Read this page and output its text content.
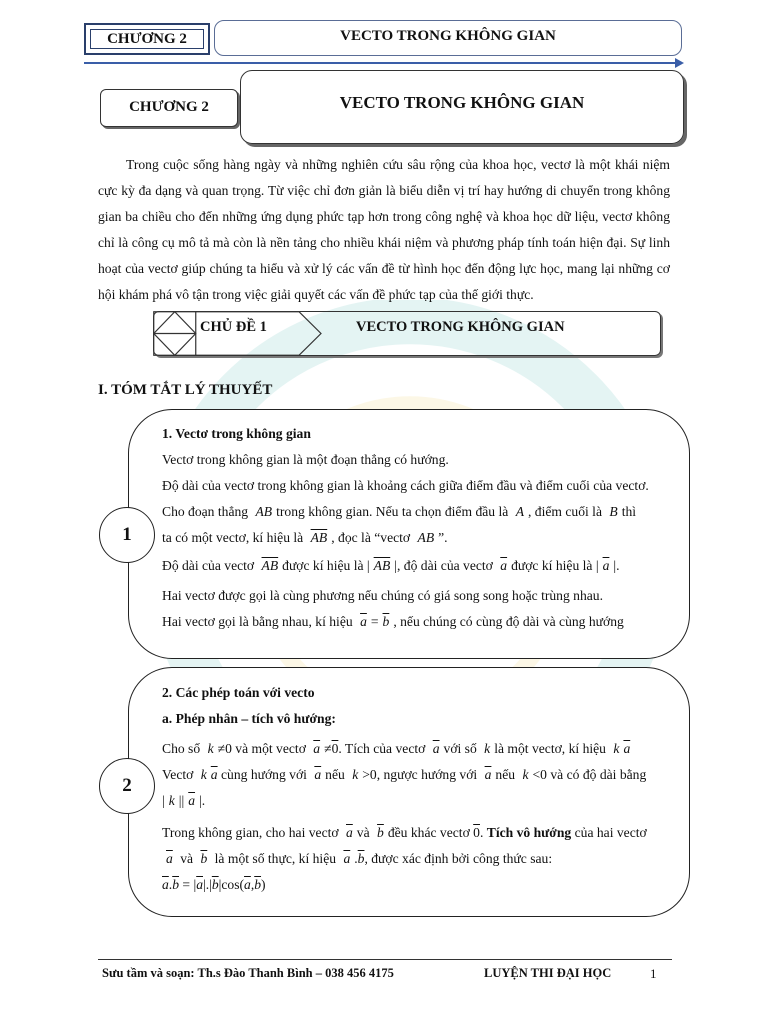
CHƯƠNG 2	VECTO TRONG KHÔNG GIAN
VECTO TRONG KHÔNG GIAN
CHƯƠNG 2

Trong cuộc sống hàng ngày và những nghiên cứu sâu rộng của khoa học, vectơ là một khái niệm cực kỳ đa dạng và quan trọng. Từ việc chỉ đơn giản là biểu diễn vị trí hay hướng di chuyển trong không gian ba chiều cho đến những ứng dụng phức tạp hơn trong công nghệ và khoa học dữ liệu, vectơ không chỉ là công cụ mô tả mà còn là nền tảng cho nhiều khái niệm và phương pháp tính toán hiện đại. Sự linh hoạt của vectơ giúp chúng ta hiểu và xử lý các vấn đề từ hình học đến động lực học, mang lại những cơ hội khám phá vô tận trong việc giải quyết các vấn đề phức tạp của thế giới thực.

CHỦ ĐỀ 1	VECTO TRONG KHÔNG GIAN
I. TÓM TẮT LÝ THUYẾT
1

1. Vectơ trong không gian

Vectơ trong không gian là một đoạn thẳng có hướng.

Độ dài của vectơ trong không gian là khoảng cách giữa điểm đầu và điểm cuối của vectơ.

Cho đoạn thẳng AB trong không gian. Nếu ta chọn điểm đầu là A , điểm cuối là B thì

ta có một vectơ, kí hiệu là $\overline{AB}$ , đọc là “vectơ AB ”.

Độ dài của vectơ $\overline{AB}$ được kí hiệu là | $\overline{AB}$ |, độ dài của vectơ $\overline{a}$ được kí hiệu là | $\overline{a}$ |.

Hai vectơ được gọi là cùng phương nếu chúng có giá song song hoặc trùng nhau.

Hai vectơ gọi là bằng nhau, kí hiệu $\overline{a} = \overline{b}$ , nếu chúng có cùng độ dài và cùng hướng

2

2. Các phép toán với vecto

a. Phép nhân – tích vô hướng:

Cho số k ≠0 và một vectơ $\overline{a} \ne 0$. Tích của vectơ $\overline{a}$ với số k là một vectơ, kí hiệu k $\overline{a}$

Vectơ k $\overline{a}$ cùng hướng với $\overline{a}$ nếu k >0, ngược hướng với $\overline{a}$ nếu k <0 và có độ dài bằng

| k || $\overline{a}$ |.

Trong không gian, cho hai vectơ $\overline{a}$ và $\overline{b}$ đều khác vectơ 0. Tích vô hướng của hai vectơ

$\overline{a}$ và $\overline{b}$ là một số thực, kí hiệu $\overline{a}$ $.\overline{b}$, được xác định bởi công thức sau:

$\overline{a}.\overline{b} = |\overline{a}|.|\overline{b}|\cos(\overline{a},\overline{b})$

Sưu tầm và soạn: Th.s Đào Thanh Bình – 038 456 4175	LUYỆN THI ĐẠI HỌC	1
